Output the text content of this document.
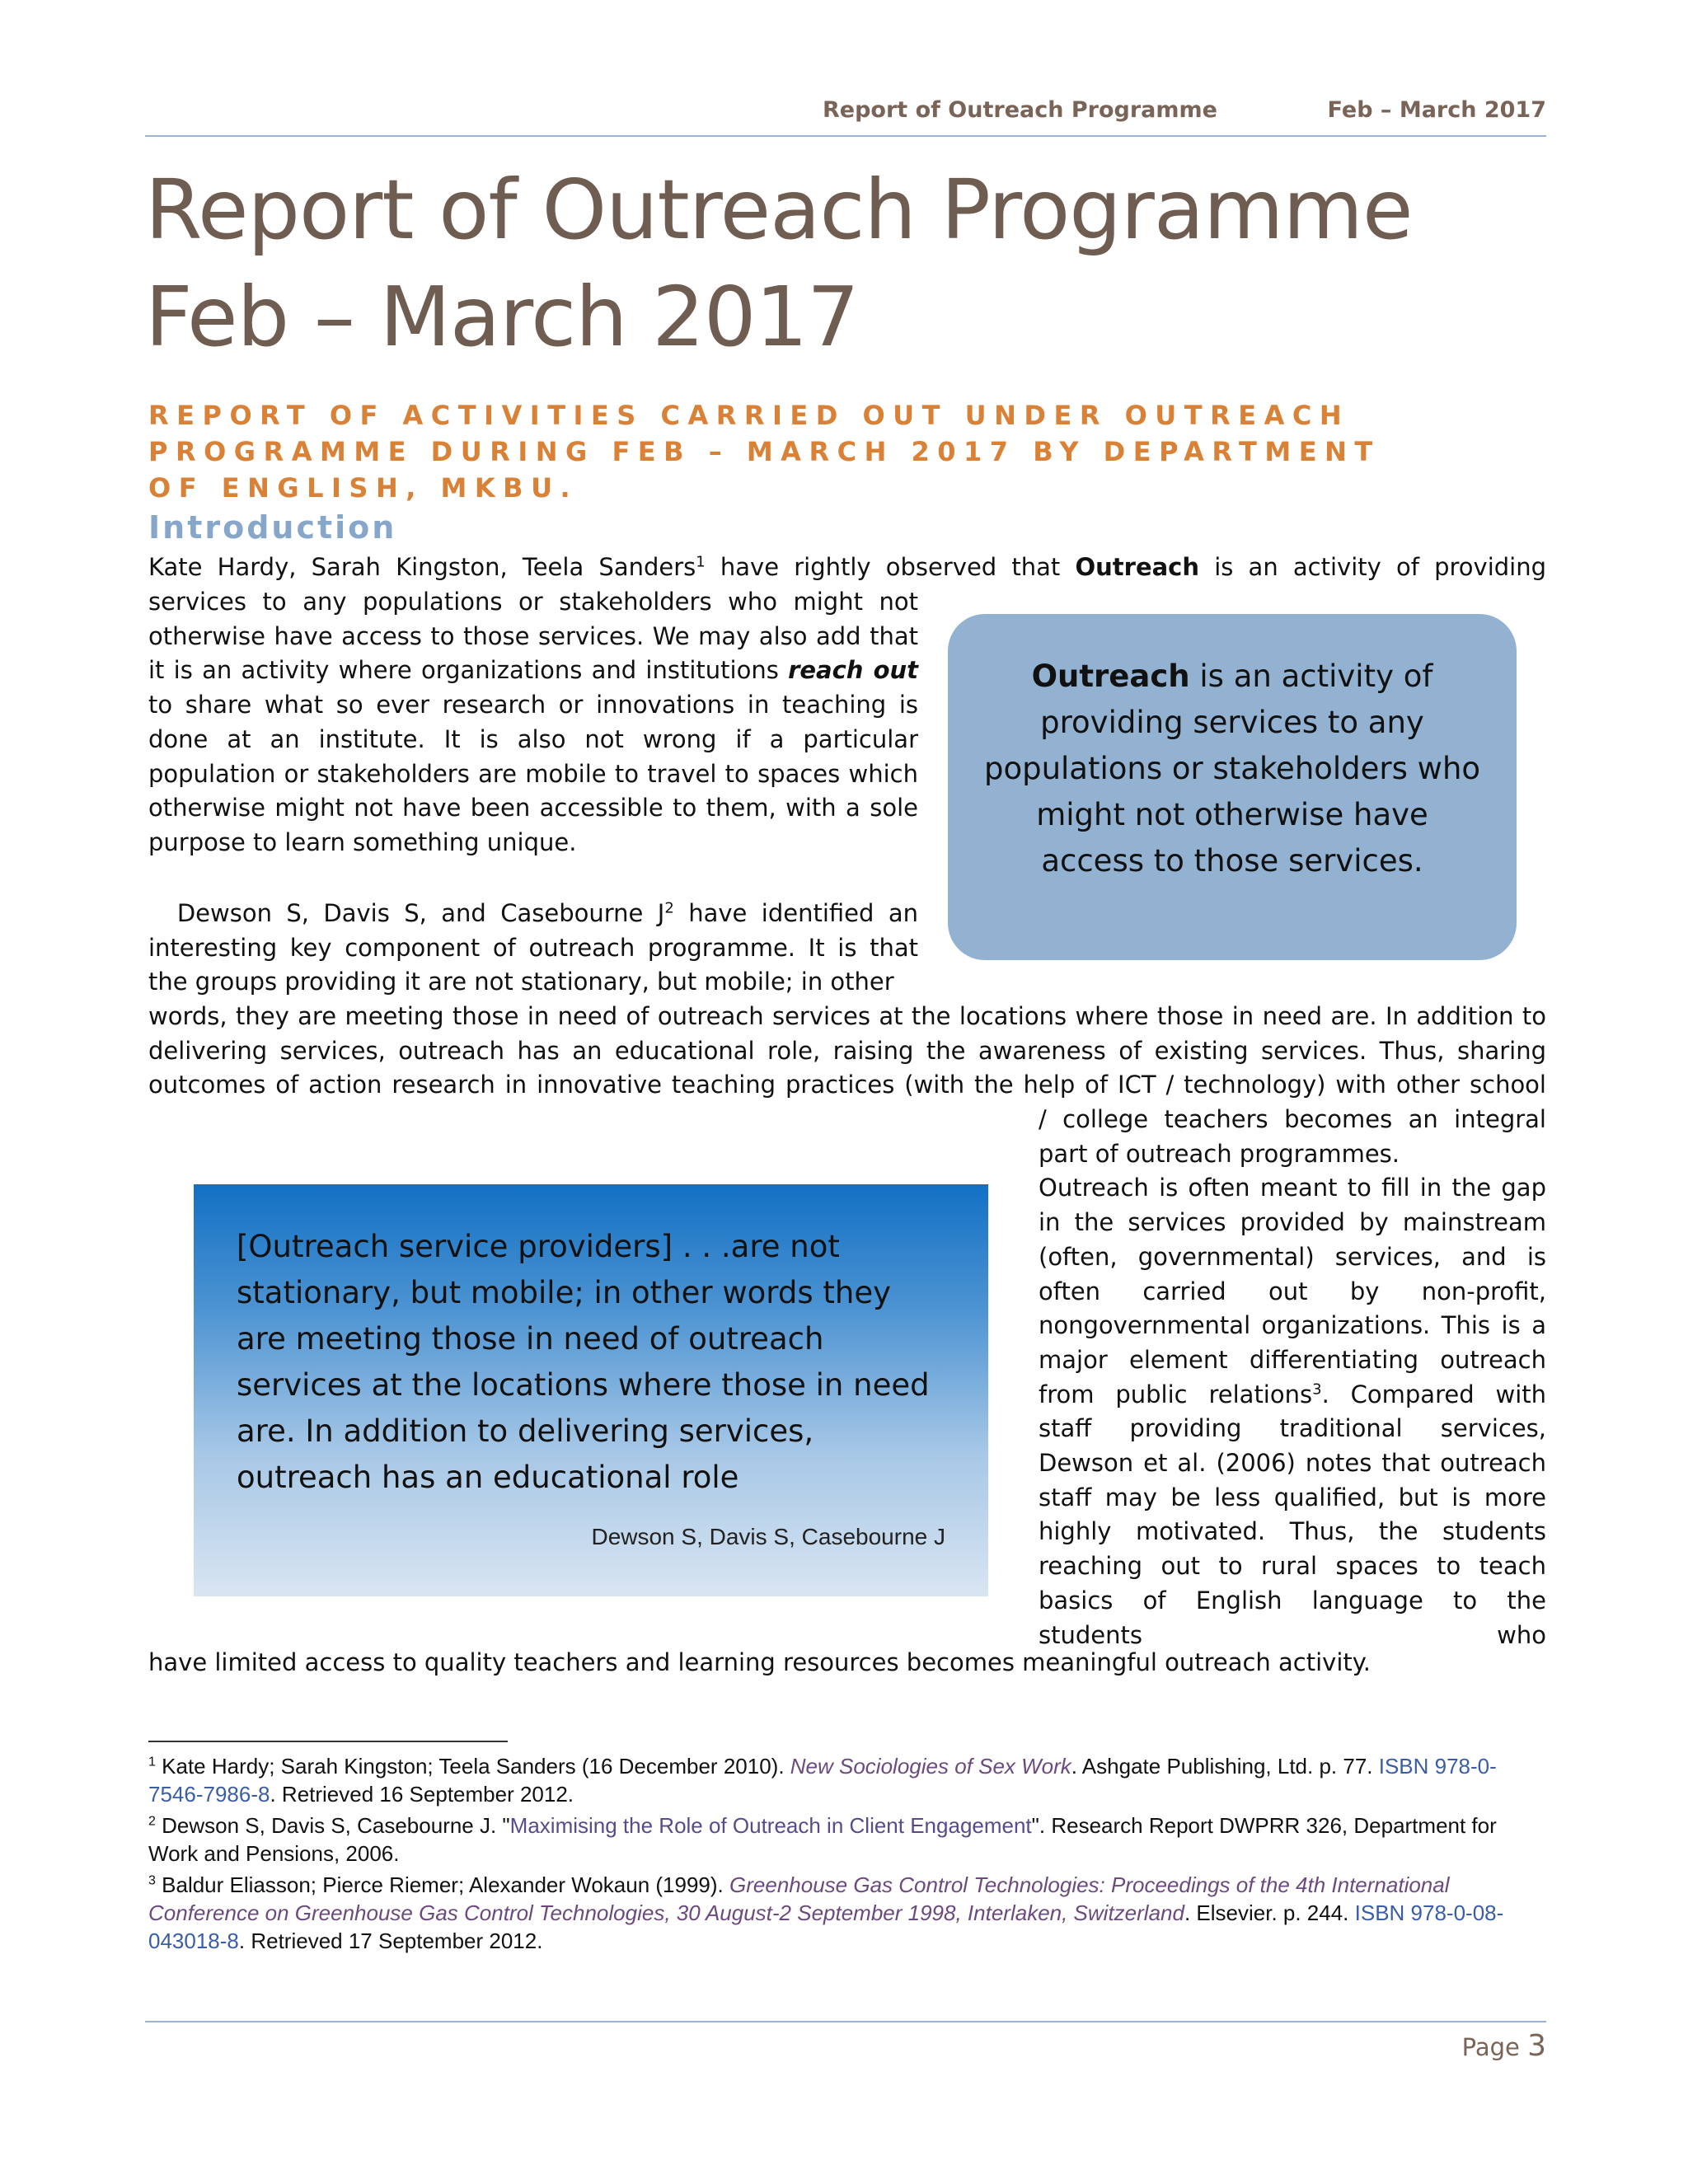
Report of Outreach Programme	Feb – March 2017
Report of Outreach Programme
Feb – March 2017

REPORT OF ACTIVITIES CARRIED OUT UNDER OUTREACH PROGRAMME DURING FEB – MARCH 2017 BY DEPARTMENT OF ENGLISH, MKBU.

Introduction

Kate Hardy, Sarah Kingston, Teela Sanders$^1$ have rightly observed that Outreach is an activity of providing

services to any populations or stakeholders who might not otherwise have access to those services. We may also add that it is an activity where organizations and institutions reach out to share what so ever research or innovations in teaching is done at an institute. It is also not wrong if a particular population or stakeholders are mobile to travel to spaces which otherwise might not have been accessible to them, with a sole purpose to learn something unique.

Outreach is an activity of providing services to any populations or stakeholders who might not otherwise have access to those services.

Dewson S, Davis S, and Casebourne $J^2$ have identified an interesting key component of outreach programme. It is that the groups providing it are not stationary, but mobile; in other

words, they are meeting those in need of outreach services at the locations where those in need are. In addition to delivering services, outreach has an educational role, raising the awareness of existing services. Thus, sharing outcomes of action research in innovative teaching practices (with the help of ICT / technology) with other school

[Outreach service providers] . . .are not stationary, but mobile; in other words they are meeting those in need of outreach services at the locations where those in need are. In addition to delivering services, outreach has an educational role

Dewson S, Davis S, Casebourne J

/ college teachers becomes an integral part of outreach programmes.

Outreach is often meant to fill in the gap in the services provided by mainstream (often, governmental) services, and is often carried out by non-profit, nongovernmental organizations. This is a major element differentiating outreach from public relations$^3$. Compared with staff providing traditional services, Dewson et al. (2006) notes that outreach staff may be less qualified, but is more highly motivated. Thus, the students reaching out to rural spaces to teach basics of English language to the students who

have limited access to quality teachers and learning resources becomes meaningful outreach activity.

$^1$ Kate Hardy; Sarah Kingston; Teela Sanders (16 December 2010). New Sociologies of Sex Work. Ashgate Publishing, Ltd. p. 77. ISBN 978-0-7546-7986-8. Retrieved 16 September 2012.

$^2$ Dewson S, Davis S, Casebourne J. "Maximising the Role of Outreach in Client Engagement". Research Report DWPRR 326, Department for Work and Pensions, 2006.

$^3$ Baldur Eliasson; Pierce Riemer; Alexander Wokaun (1999). Greenhouse Gas Control Technologies: Proceedings of the 4th International Conference on Greenhouse Gas Control Technologies, 30 August-2 September 1998, Interlaken, Switzerland. Elsevier. p. 244. ISBN 978-0-08-043018-8. Retrieved 17 September 2012.

Page 3
